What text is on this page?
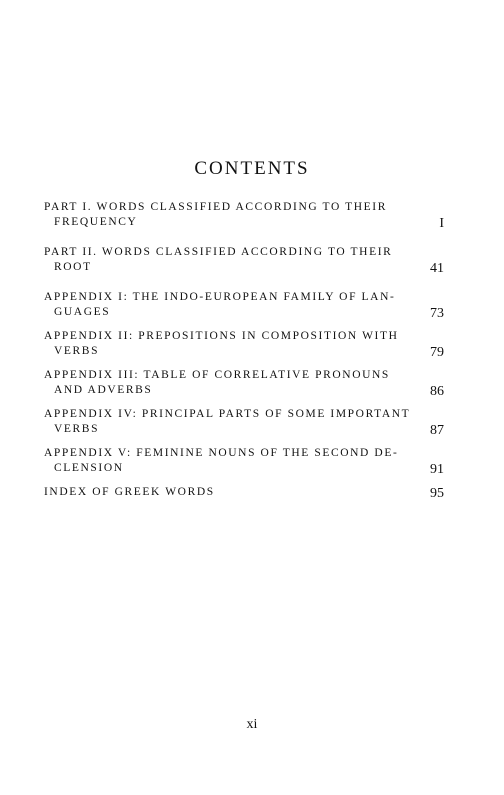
CONTENTS
PART I. WORDS CLASSIFIED ACCORDING TO THEIR
FREQUENCY	I
PART II. WORDS CLASSIFIED ACCORDING TO THEIR
ROOT	41
APPENDIX I: THE INDO-EUROPEAN FAMILY OF LAN-
GUAGES	73
APPENDIX II: PREPOSITIONS IN COMPOSITION WITH
VERBS	79
APPENDIX III: TABLE OF CORRELATIVE PRONOUNS
AND ADVERBS	86
APPENDIX IV: PRINCIPAL PARTS OF SOME IMPORTANT
VERBS	87
APPENDIX V: FEMININE NOUNS OF THE SECOND DE-
CLENSION	91
INDEX OF GREEK WORDS	95
xi
